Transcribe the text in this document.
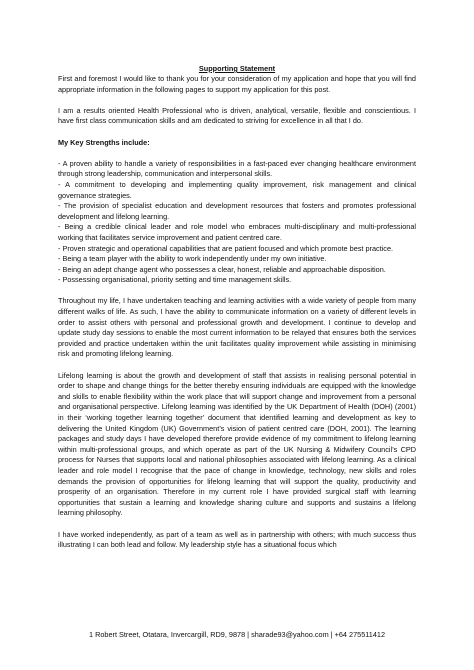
Supporting Statement

First and foremost I would like to thank you for your consideration of my application and hope that you will find appropriate information in the following pages to support my application for this post.

I am a results oriented Health Professional who is driven, analytical, versatile, flexible and conscientious. I have first class communication skills and am dedicated to striving for excellence in all that I do.

My Key Strengths include:

- A proven ability to handle a variety of responsibilities in a fast-paced ever changing healthcare environment through strong leadership, communication and interpersonal skills.

- A commitment to developing and implementing quality improvement, risk management and clinical governance strategies.

- The provision of specialist education and development resources that fosters and promotes professional development and lifelong learning.

- Being a credible clinical leader and role model who embraces multi-disciplinary and multi-professional working that facilitates service improvement and patient centred care.

- Proven strategic and operational capabilities that are patient focused and which promote best practice.

- Being a team player with the ability to work independently under my own initiative.

- Being an adept change agent who possesses a clear, honest, reliable and approachable disposition.

- Possessing organisational, priority setting and time management skills.

Throughout my life, I have undertaken teaching and learning activities with a wide variety of people from many different walks of life. As such, I have the ability to communicate information on a variety of different levels in order to assist others with personal and professional growth and development. I continue to develop and update study day sessions to enable the most current information to be relayed that ensures both the services provided and practice undertaken within the unit facilitates quality improvement while assisting in minimising risk and promoting lifelong learning.

Lifelong learning is about the growth and development of staff that assists in realising personal potential in order to shape and change things for the better thereby ensuring individuals are equipped with the knowledge and skills to enable flexibility within the work place that will support change and improvement from a personal and organisational perspective. Lifelong learning was identified by the UK Department of Health (DOH) (2001) in their ‘working together learning together’ document that identified learning and development as key to delivering the United Kingdom (UK) Government’s vision of patient centred care (DOH, 2001). The learning packages and study days I have developed therefore provide evidence of my commitment to lifelong learning within multi-professional groups, and which operate as part of the UK Nursing & Midwifery Council’s CPD process for Nurses that supports local and national philosophies associated with lifelong learning. As a clinical leader and role model I recognise that the pace of change in knowledge, technology, new skills and roles demands the provision of opportunities for lifelong learning that will support the quality, productivity and prosperity of an organisation. Therefore in my current role I have provided surgical staff with learning opportunities that sustain a learning and knowledge sharing culture and supports and sustains a lifelong learning philosophy.

I have worked independently, as part of a team as well as in partnership with others; with much success thus illustrating I can both lead and follow. My leadership style has a situational focus which

1 Robert Street, Otatara, Invercargill, RD9, 9878 | sharade93@yahoo.com | +64 275511412
